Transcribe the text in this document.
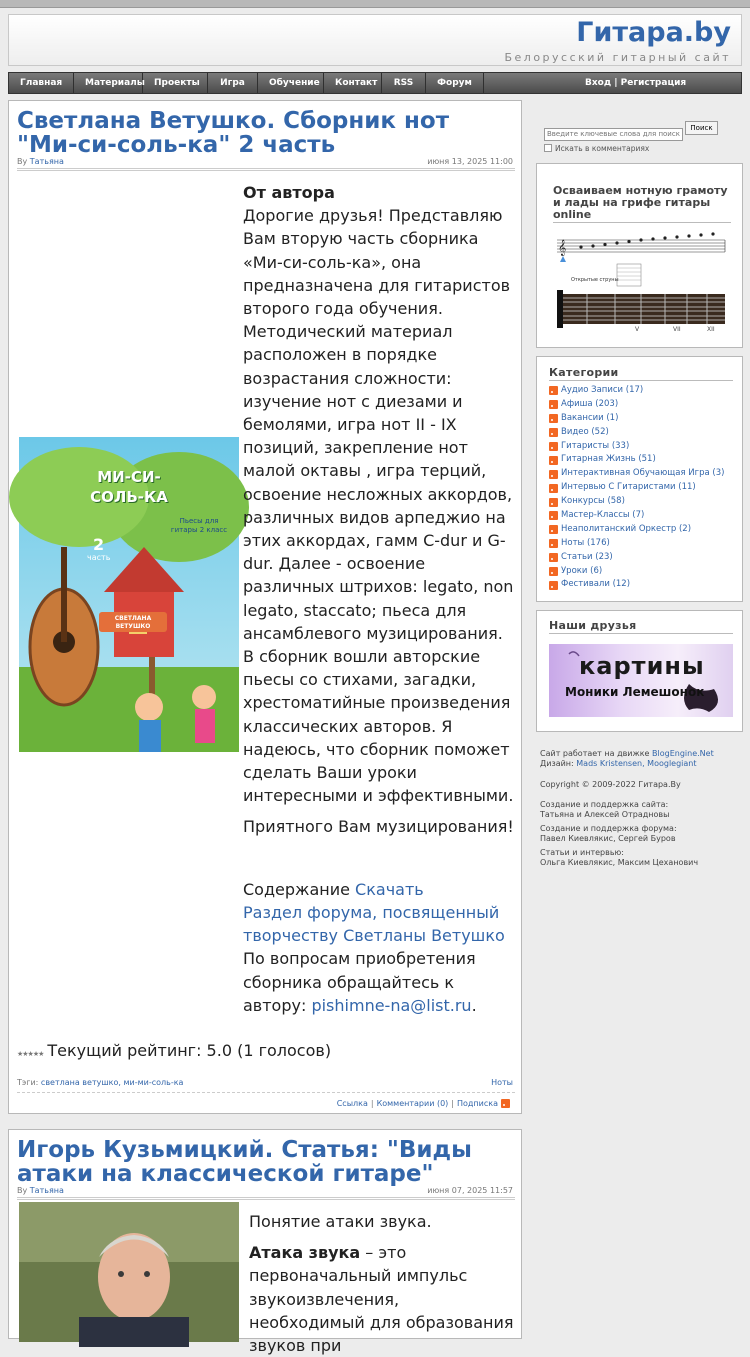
Гитара.by
Белорусский гитарный сайт
Главная	Материалы	Проекты	Игра	Обучение	Контакт	RSS	Форум	Вход | Регистрация
Светлана Ветушко. Сборник нот "Ми-си-соль-ка" 2 часть
By Татьяна	июня 13, 2025 11:00
МИ-СИ-СОЛЬ-КА
2
часть
Пьесы для гитары 2 класс
СВЕТЛАНА ВЕТУШКО
От автора
Дорогие друзья! Представляю Вам вторую часть сборника «Ми-си-соль-ка», она предназначена для гитаристов второго года обучения. Методический материал расположен в порядке возрастания сложности: изучение нот с диезами и бемолями, игра нот II - IX позиций, закрепление нот малой октавы , игра терций, освоение несложных аккордов, различных видов арпеджио на этих аккордах, гамм C-dur и G-dur. Далее - освоение различных штрихов: legato, non legato, staccato; пьеса для ансамблевого музицирования. В сборник вошли авторские пьесы со стихами, загадки, хрестоматийные произведения классических авторов. Я надеюсь, что сборник поможет сделать Ваши уроки интересными и эффективными.
Приятного Вам музицирования!
Содержание Скачать
Раздел форума, посвященный творчеству Светланы Ветушко
По вопросам приобретения сборника обращайтесь к автору: pishimne-na@list.ru.
★★★★★ Текущий рейтинг: 5.0 (1 голосов)
Тэги: светлана ветушко, ми-ми-соль-ка	Ноты
Ссылка | Комментарии (0) | Подписка
Игорь Кузьмицкий. Статья: "Виды атаки на классической гитаре"
By Татьяна	июня 07, 2025 11:57
Понятие атаки звука.
Атака звука – это первоначальный импульс звукоизвлечения, необходимый для образования звуков при
Введите ключевые слова для поиска
Поиск
Искать в комментариях
Осваиваем нотную грамоту и лады на грифе гитары online
𝄞
Открытые струны
V	VII	XII
Категории
Аудио Записи (17)
Афиша (203)
Вакансии (1)
Видео (52)
Гитаристы (33)
Гитарная Жизнь (51)
Интерактивная Обучающая Игра (3)
Интервью С Гитаристами (11)
Конкурсы (58)
Мастер-Классы (7)
Неаполитанский Оркестр (2)
Ноты (176)
Статьи (23)
Уроки (6)
Фестивали (12)
Наши друзья
картины
Моники Лемешонок
Сайт работает на движке BlogEngine.Net
Дизайн: Mads Kristensen, Mooglegiant
Copyright © 2009-2022 Гитара.Ву
Создание и поддержка сайта:
Татьяна и Алексей Отрадновы
Создание и поддержка форума:
Павел Киевлякис, Сергей Буров
Статьи и интервью:
Ольга Киевлякис, Максим Цеханович
